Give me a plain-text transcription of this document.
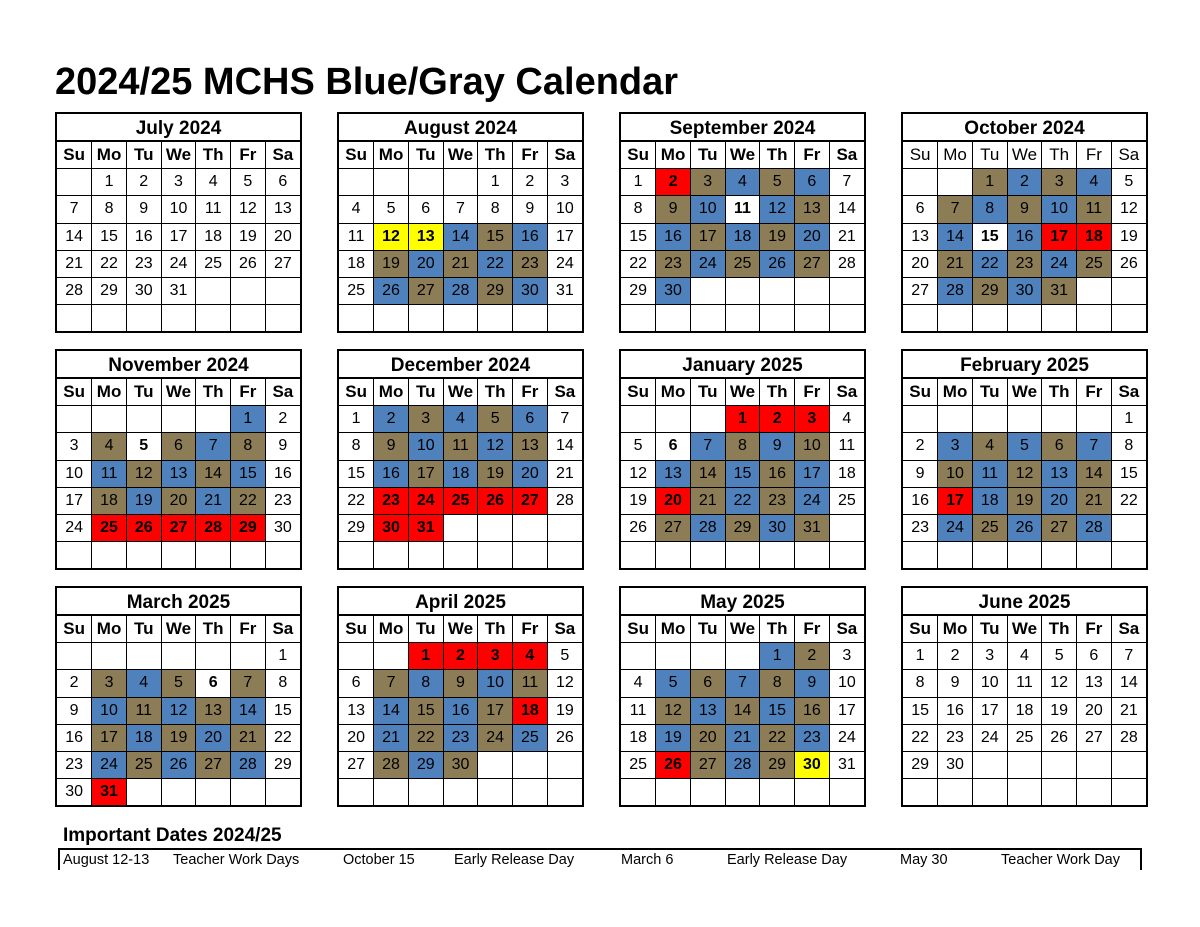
2024/25 MCHS Blue/Gray Calendar
July 2024
Su	Mo	Tu	We	Th	Fr	Sa
	1	2	3	4	5	6
7	8	9	10	11	12	13
14	15	16	17	18	19	20
21	22	23	24	25	26	27
28	29	30	31			

August 2024
Su	Mo	Tu	We	Th	Fr	Sa
				1	2	3
4	5	6	7	8	9	10
11	12	13	14	15	16	17
18	19	20	21	22	23	24
25	26	27	28	29	30	31

September 2024
Su	Mo	Tu	We	Th	Fr	Sa
1	2	3	4	5	6	7
8	9	10	11	12	13	14
15	16	17	18	19	20	21
22	23	24	25	26	27	28
29	30					

October 2024
Su	Mo	Tu	We	Th	Fr	Sa
		1	2	3	4	5
6	7	8	9	10	11	12
13	14	15	16	17	18	19
20	21	22	23	24	25	26
27	28	29	30	31		

November 2024
Su	Mo	Tu	We	Th	Fr	Sa
					1	2
3	4	5	6	7	8	9
10	11	12	13	14	15	16
17	18	19	20	21	22	23
24	25	26	27	28	29	30

December 2024
Su	Mo	Tu	We	Th	Fr	Sa
1	2	3	4	5	6	7
8	9	10	11	12	13	14
15	16	17	18	19	20	21
22	23	24	25	26	27	28
29	30	31				

January 2025
Su	Mo	Tu	We	Th	Fr	Sa
			1	2	3	4
5	6	7	8	9	10	11
12	13	14	15	16	17	18
19	20	21	22	23	24	25
26	27	28	29	30	31	

February 2025
Su	Mo	Tu	We	Th	Fr	Sa
						1
2	3	4	5	6	7	8
9	10	11	12	13	14	15
16	17	18	19	20	21	22
23	24	25	26	27	28	

March 2025
Su	Mo	Tu	We	Th	Fr	Sa
						1
2	3	4	5	6	7	8
9	10	11	12	13	14	15
16	17	18	19	20	21	22
23	24	25	26	27	28	29
30	31					
April 2025
Su	Mo	Tu	We	Th	Fr	Sa
		1	2	3	4	5
6	7	8	9	10	11	12
13	14	15	16	17	18	19
20	21	22	23	24	25	26
27	28	29	30			

May 2025
Su	Mo	Tu	We	Th	Fr	Sa
				1	2	3
4	5	6	7	8	9	10
11	12	13	14	15	16	17
18	19	20	21	22	23	24
25	26	27	28	29	30	31

June 2025
Su	Mo	Tu	We	Th	Fr	Sa
1	2	3	4	5	6	7
8	9	10	11	12	13	14
15	16	17	18	19	20	21
22	23	24	25	26	27	28
29	30					

Important Dates 2024/25
August 12-13 Teacher Work Days	October 15	Early Release Day	March 6	Early Release Day	May 30	Teacher Work Day
